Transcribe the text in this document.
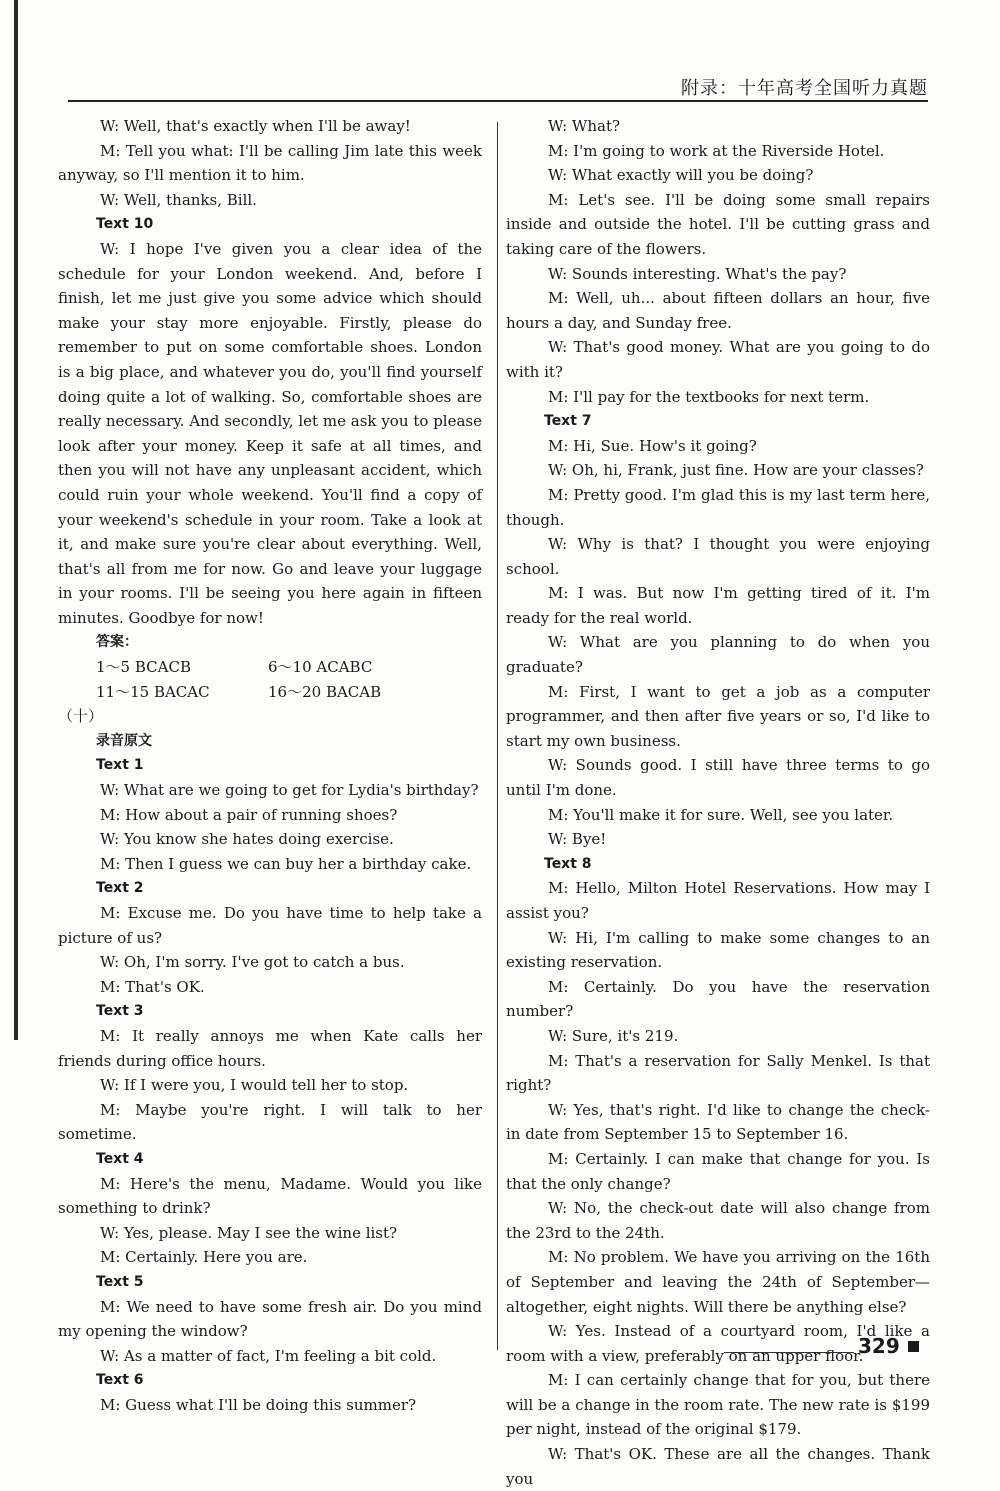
附录：十年高考全国听力真题

W: Well, that's exactly when I'll be away!

M: Tell you what: I'll be calling Jim late this week anyway, so I'll mention it to him.

W: Well, thanks, Bill.

Text 10

W: I hope I've given you a clear idea of the schedule for your London weekend. And, before I finish, let me just give you some advice which should make your stay more enjoyable. Firstly, please do remember to put on some comfortable shoes. London is a big place, and whatever you do, you'll find yourself doing quite a lot of walking. So, comfortable shoes are really necessary. And secondly, let me ask you to please look after your money. Keep it safe at all times, and then you will not have any unpleasant accident, which could ruin your whole weekend. You'll find a copy of your weekend's schedule in your room. Take a look at it, and make sure you're clear about everything. Well, that's all from me for now. Go and leave your luggage in your rooms. I'll be seeing you here again in fifteen minutes. Goodbye for now!

答案：

1～5 BCACB	6～10 ACABC
11～15 BACAC	16～20 BACAB

（十）

录音原文

Text 1

W: What are we going to get for Lydia's birthday?

M: How about a pair of running shoes?

W: You know she hates doing exercise.

M: Then I guess we can buy her a birthday cake.

Text 2

M: Excuse me. Do you have time to help take a picture of us?

W: Oh, I'm sorry. I've got to catch a bus.

M: That's OK.

Text 3

M: It really annoys me when Kate calls her friends during office hours.

W: If I were you, I would tell her to stop.

M: Maybe you're right. I will talk to her sometime.

Text 4

M: Here's the menu, Madame. Would you like something to drink?

W: Yes, please. May I see the wine list?

M: Certainly. Here you are.

Text 5

M: We need to have some fresh air. Do you mind my opening the window?

W: As a matter of fact, I'm feeling a bit cold.

Text 6

M: Guess what I'll be doing this summer?

W: What?

M: I'm going to work at the Riverside Hotel.

W: What exactly will you be doing?

M: Let's see. I'll be doing some small repairs inside and outside the hotel. I'll be cutting grass and taking care of the flowers.

W: Sounds interesting. What's the pay?

M: Well, uh... about fifteen dollars an hour, five hours a day, and Sunday free.

W: That's good money. What are you going to do with it?

M: I'll pay for the textbooks for next term.

Text 7

M: Hi, Sue. How's it going?

W: Oh, hi, Frank, just fine. How are your classes?

M: Pretty good. I'm glad this is my last term here, though.

W: Why is that? I thought you were enjoying school.

M: I was. But now I'm getting tired of it. I'm ready for the real world.

W: What are you planning to do when you graduate?

M: First, I want to get a job as a computer programmer, and then after five years or so, I'd like to start my own business.

W: Sounds good. I still have three terms to go until I'm done.

M: You'll make it for sure. Well, see you later.

W: Bye!

Text 8

M: Hello, Milton Hotel Reservations. How may I assist you?

W: Hi, I'm calling to make some changes to an existing reservation.

M: Certainly. Do you have the reservation number?

W: Sure, it's 219.

M: That's a reservation for Sally Menkel. Is that right?

W: Yes, that's right. I'd like to change the check-in date from September 15 to September 16.

M: Certainly. I can make that change for you. Is that the only change?

W: No, the check-out date will also change from the 23rd to the 24th.

M: No problem. We have you arriving on the 16th of September and leaving the 24th of September—altogether, eight nights. Will there be anything else?

W: Yes. Instead of a courtyard room, I'd like a room with a view, preferably on an upper floor.

M: I can certainly change that for you, but there will be a change in the room rate. The new rate is $199 per night, instead of the original $179.

W: That's OK. These are all the changes. Thank you

329
